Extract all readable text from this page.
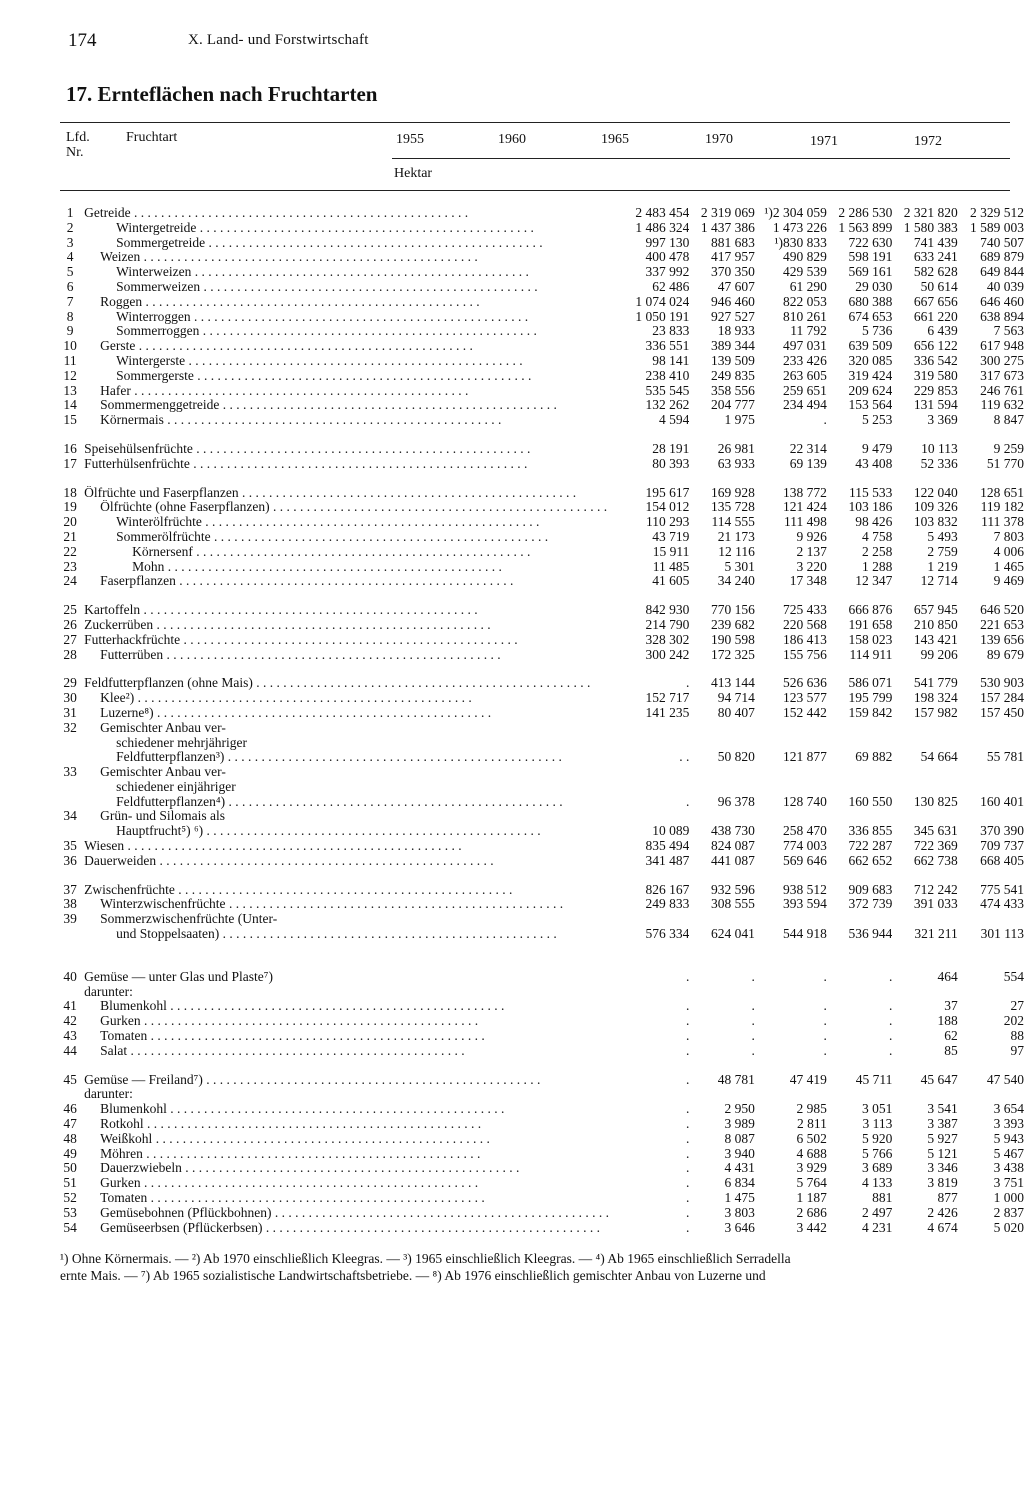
174	X. Land- und Forstwirtschaft
17. Ernteflächen nach Fruchtarten
Lfd. Nr.
Fruchtart	1955	1960	1965	1970	1971	1972
Hektar
1	Getreide . . .	2 483 454	2 319 069	¹)2 304 059	2 286 530	2 321 820	2 329 512
2	Wintergetreide . . .	1 486 324	1 437 386	1 473 226	1 563 899	1 580 383	1 589 003
3	Sommergetreide . . .	997 130	881 683	¹)830 833	722 630	741 439	740 507
4	Weizen . . .	400 478	417 957	490 829	598 191	633 241	689 879
5	Winterweizen . . .	337 992	370 350	429 539	569 161	582 628	649 844
6	Sommerweizen . . .	62 486	47 607	61 290	29 030	50 614	40 039
7	Roggen . . .	1 074 024	946 460	822 053	680 388	667 656	646 460
8	Winterroggen . . .	1 050 191	927 527	810 261	674 653	661 220	638 894
9	Sommerroggen . . .	23 833	18 933	11 792	5 736	6 439	7 563
10	Gerste . . .	336 551	389 344	497 031	639 509	656 122	617 948
11	Wintergerste . . .	98 141	139 509	233 426	320 085	336 542	300 275
12	Sommergerste . . .	238 410	249 835	263 605	319 424	319 580	317 673
13	Hafer . . .	535 545	358 556	259 651	209 624	229 853	246 761
14	Sommermenggetreide . . .	132 262	204 777	234 494	153 564	131 594	119 632
15	Körnermais . . .	4 594	1 975	.	5 253	3 369	8 847

16	Speisehülsenfrüchte . . .	28 191	26 981	22 314	9 479	10 113	9 259
17	Futterhülsenfrüchte . . .	80 393	63 933	69 139	43 408	52 336	51 770

18	Ölfrüchte und Faserpflanzen . . .	195 617	169 928	138 772	115 533	122 040	128 651
19	Ölfrüchte (ohne Faserpflanzen) . . .	154 012	135 728	121 424	103 186	109 326	119 182
20	Winterölfrüchte . . .	110 293	114 555	111 498	98 426	103 832	111 378
21	Sommerölfrüchte . . .	43 719	21 173	9 926	4 758	5 493	7 803
22	Körnersenf . . .	15 911	12 116	2 137	2 258	2 759	4 006
23	Mohn . . .	11 485	5 301	3 220	1 288	1 219	1 465
24	Faserpflanzen . . .	41 605	34 240	17 348	12 347	12 714	9 469

25	Kartoffeln . . .	842 930	770 156	725 433	666 876	657 945	646 520
26	Zuckerrüben . . .	214 790	239 682	220 568	191 658	210 850	221 653
27	Futterhackfrüchte . . .	328 302	190 598	186 413	158 023	143 421	139 656
28	Futterrüben . . .	300 242	172 325	155 756	114 911	99 206	89 679

29	Feldfutterpflanzen (ohne Mais) . . .	.	413 144	526 636	586 071	541 779	530 903
30	Klee²) . . .	152 717	94 714	123 577	195 799	198 324	157 284
31	Luzerne⁸) . . .	141 235	80 407	152 442	159 842	157 982	157 450
32	Gemischter Anbau ver-						
	schiedener mehrjähriger						

	Feldfutterpflanzen³) . . .	. .	50 820	121 877	69 882	54 664	55 781
33	Gemischter Anbau ver-						
	schiedener einjähriger						

	Feldfutterpflanzen⁴) . . .	.	96 378	128 740	160 550	130 825	160 401
34	Grün- und Silomais als						

	Hauptfrucht⁵) ⁶) . . .	10 089	438 730	258 470	336 855	345 631	370 390
35	Wiesen . . .	835 494	824 087	774 003	722 287	722 369	709 737
36	Dauerweiden . . .	341 487	441 087	569 646	662 652	662 738	668 405

37	Zwischenfrüchte . . .	826 167	932 596	938 512	909 683	712 242	775 541
38	Winterzwischenfrüchte . . .	249 833	308 555	393 594	372 739	391 033	474 433
39	Sommerzwischenfrüchte (Unter-						

	und Stoppelsaaten) . . .	576 334	624 041	544 918	536 944	321 211	301 113

40	Gemüse — unter Glas und Plaste⁷)	.	.	.	.	464	554
	darunter:						
41	Blumenkohl . . .	.	.	.	.	37	27
42	Gurken . . .	.	.	.	.	188	202
43	Tomaten . . .	.	.	.	.	62	88
44	Salat . . .	.	.	.	.	85	97

45	Gemüse — Freiland⁷) . . .	.	48 781	47 419	45 711	45 647	47 540
	darunter:						
46	Blumenkohl . . .	.	2 950	2 985	3 051	3 541	3 654
47	Rotkohl . . .	.	3 989	2 811	3 113	3 387	3 393
48	Weißkohl . . .	.	8 087	6 502	5 920	5 927	5 943
49	Möhren . . .	.	3 940	4 688	5 766	5 121	5 467
50	Dauerzwiebeln . . .	.	4 431	3 929	3 689	3 346	3 438
51	Gurken . . .	.	6 834	5 764	4 133	3 819	3 751
52	Tomaten . . .	.	1 475	1 187	881	877	1 000
53	Gemüsebohnen (Pflückbohnen) . . .	.	3 803	2 686	2 497	2 426	2 837
54	Gemüseerbsen (Pflückerbsen) . . .	.	3 646	3 442	4 231	4 674	5 020

¹) Ohne Körnermais. — ²) Ab 1970 einschließlich Kleegras. — ³) 1965 einschließlich Kleegras. — ⁴) Ab 1965 einschließlich Serradella

ernte Mais. — ⁷) Ab 1965 sozialistische Landwirtschaftsbetriebe. — ⁸) Ab 1976 einschließlich gemischter Anbau von Luzerne und
